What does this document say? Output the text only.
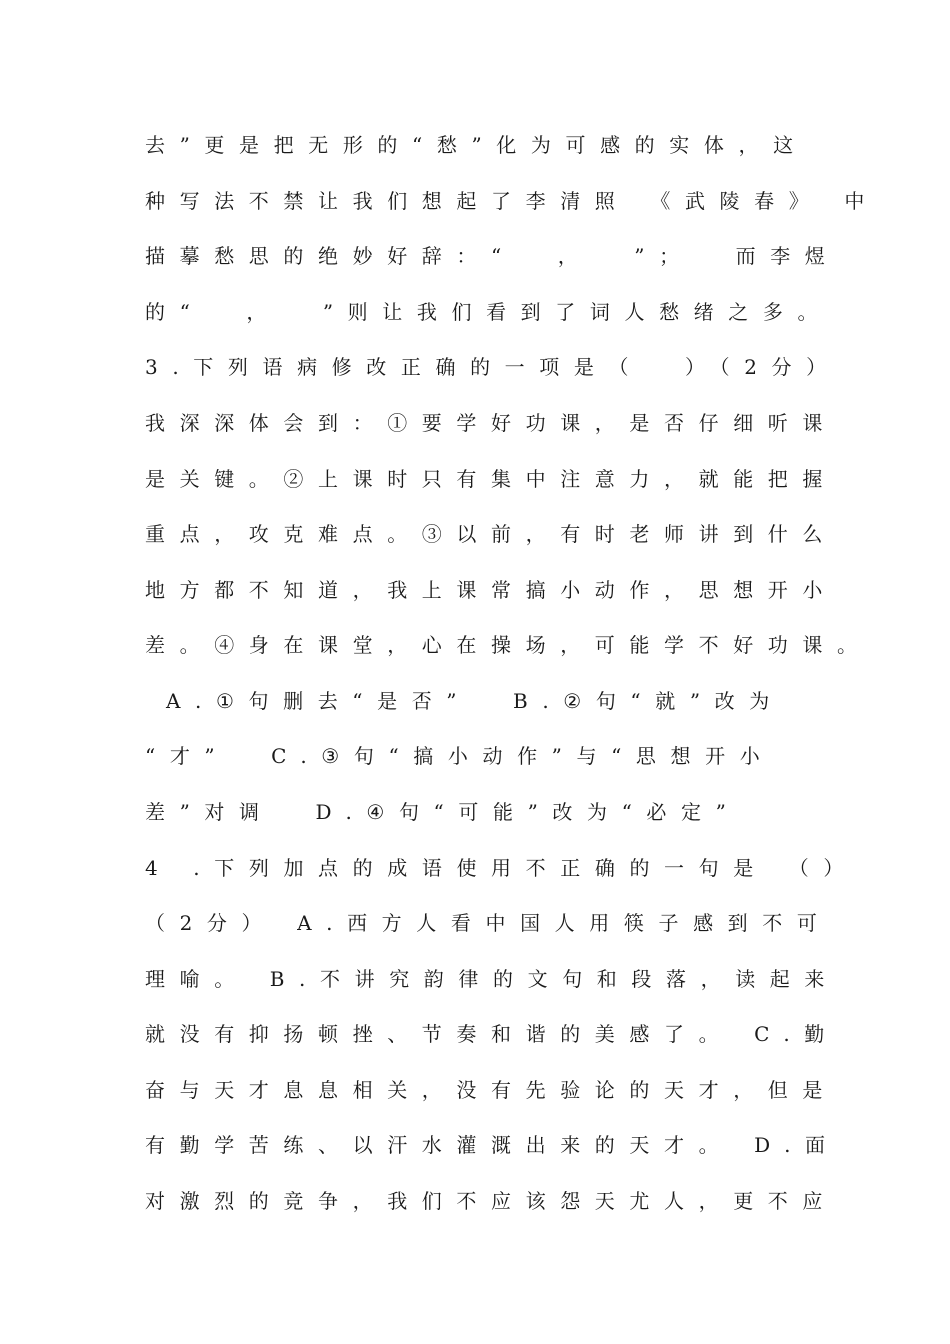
去”更是把无形的“愁”化为可感的实体，这
种写法不禁让我们想起了李清照 《武陵春》 中
描摹愁思的绝妙好辞：“  ，  ”；  而李煜
的“  ，  ”则让我们看到了词人愁绪之多。
3.下列语病修改正确的一项是（  ）（2分）
我深深体会到：①要学好功课，是否仔细听课
是关键。②上课时只有集中注意力，就能把握
重点，攻克难点。③以前，有时老师讲到什么
地方都不知道，我上课常搞小动作，思想开小
差。④身在课堂，心在操场，可能学不好功课。
A.①句删去“是否”  B.②句“就”改为
“才”  C.③句“搞小动作”与“思想开小
差”对调  D.④句“可能”改为“必定”
4 .下列加点的成语使用不正确的一句是 （）
（2分） A.西方人看中国人用筷子感到不可
理喻。 B.不讲究韵律的文句和段落，读起来
就没有抑扬顿挫、节奏和谐的美感了。 C.勤
奋与天才息息相关，没有先验论的天才，但是
有勤学苦练、以汗水灌溉出来的天才。 D.面
对激烈的竞争，我们不应该怨天尤人，更不应
